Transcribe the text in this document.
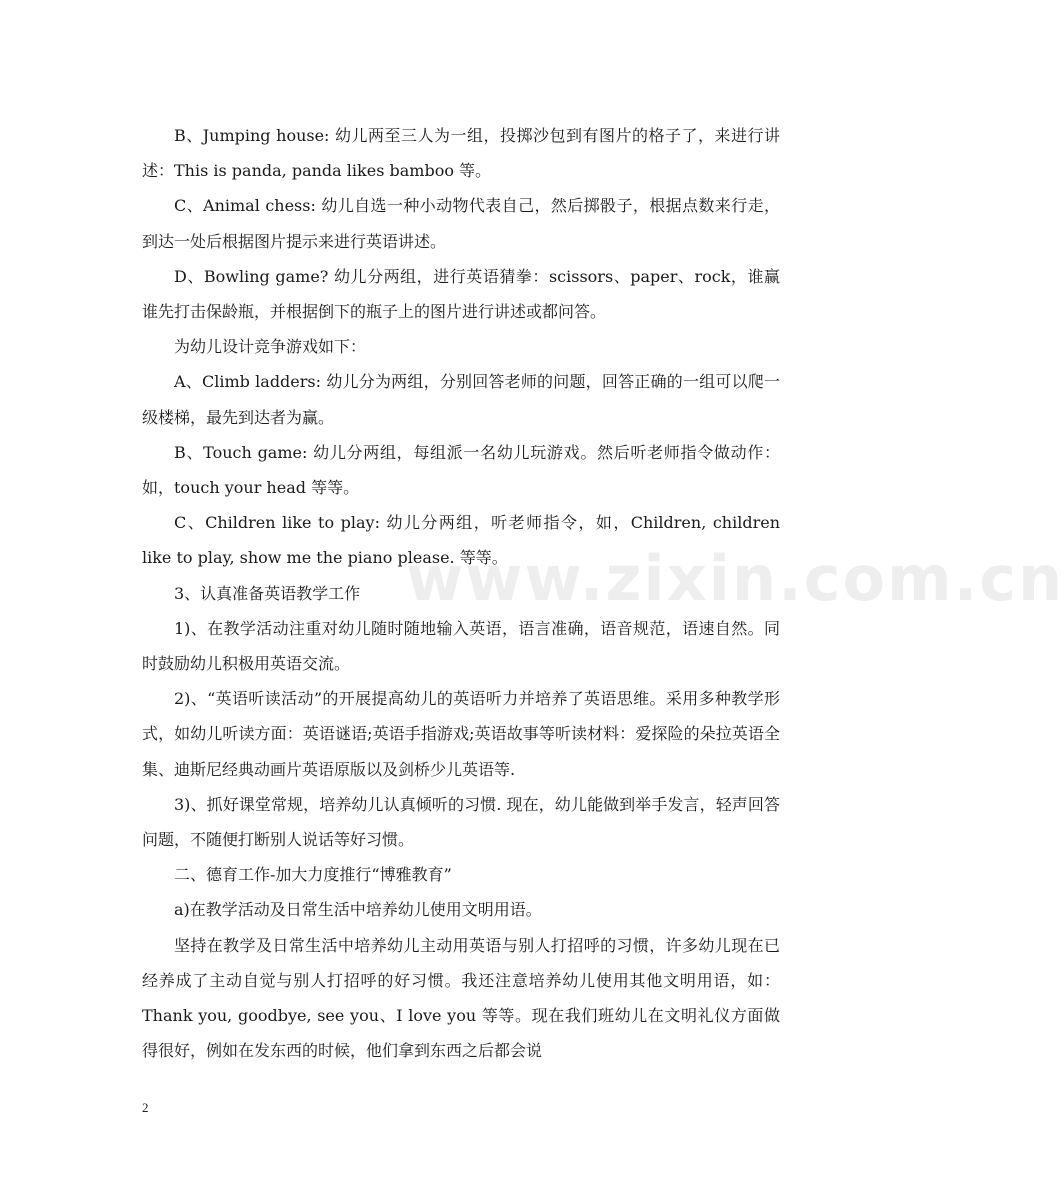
www.zixin.com.cn

B、Jumping house: 幼儿两至三人为一组，投掷沙包到有图片的格子了，来进行讲述：This is panda, panda likes bamboo 等。

C、Animal chess: 幼儿自选一种小动物代表自己，然后掷骰子，根据点数来行走，到达一处后根据图片提示来进行英语讲述。

D、Bowling game? 幼儿分两组，进行英语猜拳：scissors、paper、rock，谁赢谁先打击保龄瓶，并根据倒下的瓶子上的图片进行讲述或都问答。

为幼儿设计竞争游戏如下：

A、Climb ladders: 幼儿分为两组，分别回答老师的问题，回答正确的一组可以爬一级楼梯，最先到达者为赢。

B、Touch game: 幼儿分两组，每组派一名幼儿玩游戏。然后听老师指令做动作：如，touch your head 等等。

C、Children like to play: 幼儿分两组，听老师指令，如，Children, children like to play, show me the piano please. 等等。

3、认真准备英语教学工作

1)、在教学活动注重对幼儿随时随地输入英语，语言准确，语音规范，语速自然。同时鼓励幼儿积极用英语交流。

2)、“英语听读活动”的开展提高幼儿的英语听力并培养了英语思维。采用多种教学形式，如幼儿听读方面：英语谜语;英语手指游戏;英语故事等听读材料：爱探险的朵拉英语全集、迪斯尼经典动画片英语原版以及剑桥少儿英语等.

3)、抓好课堂常规，培养幼儿认真倾听的习惯. 现在，幼儿能做到举手发言，轻声回答问题，不随便打断别人说话等好习惯。

二、德育工作-加大力度推行“博雅教育”

a)在教学活动及日常生活中培养幼儿使用文明用语。

坚持在教学及日常生活中培养幼儿主动用英语与别人打招呼的习惯，许多幼儿现在已经养成了主动自觉与别人打招呼的好习惯。我还注意培养幼儿使用其他文明用语，如：Thank you, goodbye, see you、I love you 等等。现在我们班幼儿在文明礼仪方面做得很好，例如在发东西的时候，他们拿到东西之后都会说

2
